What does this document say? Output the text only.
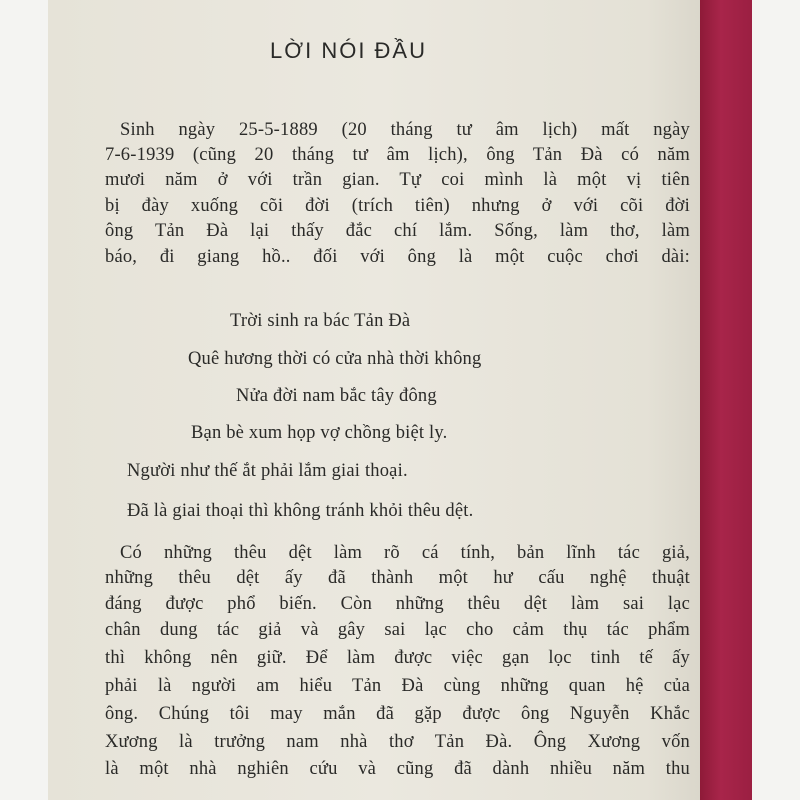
LỜI NÓI ĐẦU
Sinh ngày 25-5-1889 (20 tháng tư âm lịch) mất ngày
7-6-1939 (cũng 20 tháng tư âm lịch), ông Tản Đà có năm
mươi năm ở với trần gian. Tự coi mình là một vị tiên
bị đày xuống cõi đời (trích tiên) nhưng ở với cõi đời
ông Tản Đà lại thấy đắc chí lắm. Sống, làm thơ, làm
báo, đi giang hồ.. đối với ông là một cuộc chơi dài:
Trời sinh ra bác Tản Đà
Quê hương thời có cửa nhà thời không
Nửa đời nam bắc tây đông
Bạn bè xum họp vợ chồng biệt ly.
Người như thế ắt phải lắm giai thoại.
Đã là giai thoại thì không tránh khỏi thêu dệt.
Có những thêu dệt làm rõ cá tính, bản lĩnh tác giả,
những thêu dệt ấy đã thành một hư cấu nghệ thuật
đáng được phổ biến. Còn những thêu dệt làm sai lạc
chân dung tác giả và gây sai lạc cho cảm thụ tác phẩm
thì không nên giữ. Để làm được việc gạn lọc tinh tế ấy
phải là người am hiểu Tản Đà cùng những quan hệ của
ông. Chúng tôi may mắn đã gặp được ông Nguyễn Khắc
Xương là trưởng nam nhà thơ Tản Đà. Ông Xương vốn
là một nhà nghiên cứu và cũng đã dành nhiều năm thu
